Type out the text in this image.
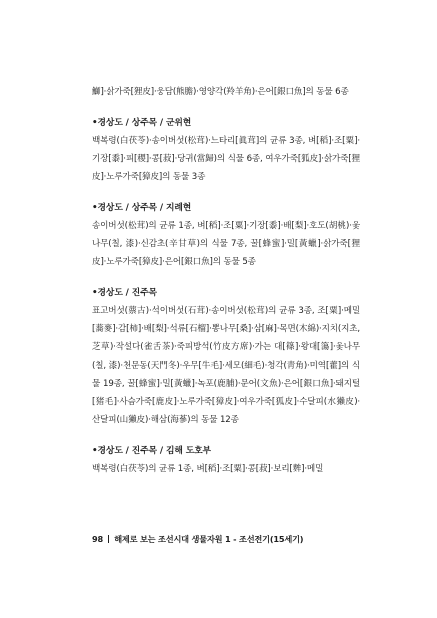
鰤]·삵가죽[狸皮]·웅담(熊膽)·영양각(羚羊角)·은어[銀口魚]의 동물 6종

•경상도 / 상주목 / 군위현

백복령(白茯苓)·송이버섯(松茸)·느타리[眞茸]의 균류 3종, 벼[稻]·조[粟]·기장[黍]·피[稷]·콩[菽]·당귀(當歸)의 식물 6종, 여우가죽[狐皮]·삵가죽[狸皮]·노루가죽[獐皮]의 동물 3종

•경상도 / 상주목 / 지례현

송이버섯(松茸)의 균류 1종, 벼[稻]·조[粟]·기장[黍]·배[梨]·호도(胡桃)·옻나무(칠, 漆)·신감초(辛甘草)의 식물 7종, 꿀[蜂蜜]·밀[黃蠟]·삵가죽[狸皮]·노루가죽[獐皮]·은어[銀口魚]의 동물 5종

•경상도 / 진주목

표고버섯(蔈古)·석이버섯(石茸)·송이버섯(松茸)의 균류 3종, 조[粟]·메밀[蕎麥]·감[柿]·배[梨]·석류[石榴]·뽕나무[桑]·삼[麻]·목면(木綿)·지치(지초, 芝草)·작설다(雀舌茶)·죽피방석(竹皮方席)·가는 대[篠]·왕대[簜]·옻나무(칠, 漆)·천문동(天門冬)·우무[牛毛]·세모(細毛)·청각(靑角)·미역[藿]의 식물 19종, 꿀[蜂蜜]·밀[黃蠟]·녹포(鹿脯)·문어(文魚)·은어[銀口魚]·돼지털[猪毛]·사슴가죽[鹿皮]·노루가죽[獐皮]·여우가죽[狐皮]·수달피(水獺皮)·산달피(山獺皮)·해삼(海蔘)의 동물 12종

•경상도 / 진주목 / 김해 도호부

백복령(白茯苓)의 균류 1종, 벼[稻]·조[粟]·콩[菽]·보리[麰]·메밀

98 해제로 보는 조선시대 생물자원 1 - 조선전기(15세기)
